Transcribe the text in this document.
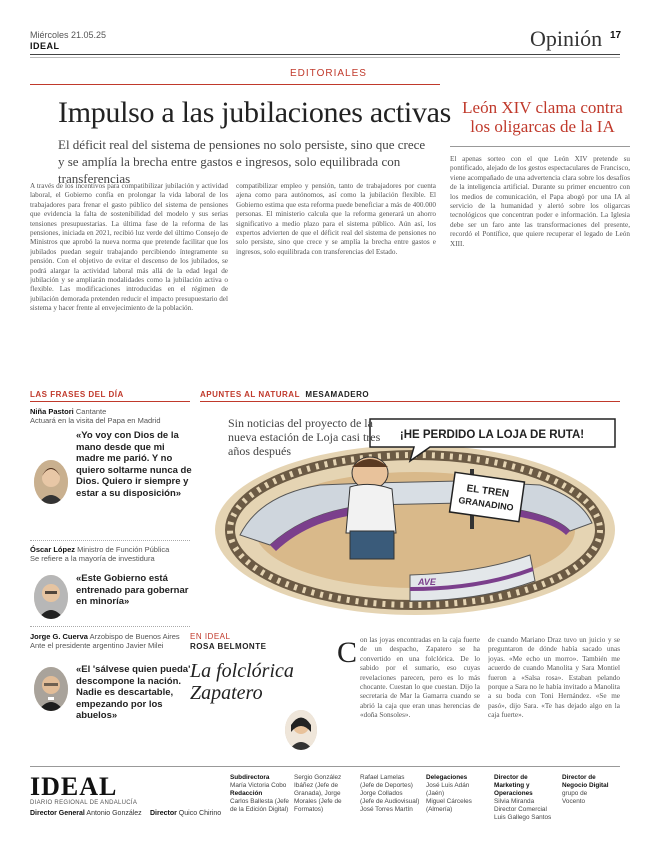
Miércoles 21.05.25
IDEAL	Opinión 17
EDITORIALES
Impulso a las jubilaciones activas
El déficit real del sistema de pensiones no solo persiste, sino que crece y se amplía la brecha entre gastos e ingresos, solo equilibrada con transferencias
A través de los incentivos para compatibilizar jubilación y actividad laboral, el Gobierno confía en prolongar la vida laboral de los trabajadores para frenar el gasto público del sistema de pensiones que evidencia la falta de sostenibilidad del modelo y sus serias tensiones presupuestarias. La última fase de la reforma de las pensiones, iniciada en 2021, recibió luz verde del último Consejo de Ministros que aprobó la nueva norma que pretende facilitar que los jubilados puedan seguir trabajando percibiendo íntegramente su pensión. Con el objetivo de evitar el descenso de los jubilados, se podrá alargar la actividad laboral más allá de la edad legal de jubilación y se ampliarán modalidades como la jubilación activa o flexible. Las modificaciones introducidas en el régimen de jubilación demorada pretenden reducir el impacto presupuestario del sistema y hacer frente al envejecimiento de la población.
compatibilizar empleo y pensión, tanto de trabajadores por cuenta ajena como para autónomos, así como la jubilación flexible. El Gobierno estima que esta reforma puede beneficiar a más de 400.000 personas. El ministerio calcula que la reforma generará un ahorro significativo a medio plazo para el sistema público. Aún así, los expertos advierten de que el déficit real del sistema de pensiones no solo persiste, sino que crece y se amplía la brecha entre gastos e ingresos, solo equilibrada con transferencias del Estado.
León XIV clama contra los oligarcas de la IA
El apenas sorteo con el que León XIV pretende su pontificado, alejado de los gestos espectaculares de Francisco, viene acompañado de una advertencia clara sobre los desafíos de la inteligencia artificial. Durante su primer encuentro con los medios de comunicación, el Papa abogó por una IA al servicio de la humanidad y alertó sobre los oligarcas tecnológicos que concentran poder e información. La Iglesia debe ser un faro ante las transformaciones del presente, recordó el Pontífice, que quiere recuperar el legado de León XIII.
LAS FRASES DEL DÍA
Niña Pastori Cantante
Actuará en la visita del Papa en Madrid
«Yo voy con Dios de la mano desde que mi madre me parió. Y no quiero soltarme nunca de Dios. Quiero ir siempre y estar a su disposición»
Óscar López Ministro de Función Pública
Se refiere a la mayoría de investidura
«Este Gobierno está entrenado para gobernar en minoría»
Jorge G. Cuerva Arzobispo de Buenos Aires
Ante el presidente argentino Javier Milei
«El 'sálvese quien pueda' descompone la nación. Nadie es descartable, empezando por los abuelos»
APUNTES AL NATURAL MESAMADERO
EL TREN
GRANADINO
¡HE PERDIDO LA LOJA DE RUTA!
AVE
Sin noticias del proyecto de la nueva estación de Loja casi tres años después
EN IDEAL
ROSA BELMONTE
La folclórica Zapatero
C on las joyas encontradas en la caja fuerte de un despacho, Zapatero se ha convertido en una folclórica. De lo sabido por el sumario, eso cuyas revelaciones parecen, pero es lo más chocante. Cuestan lo que cuestan. Dijo la secretaria de Mar la Gamarra cuando se abrió la caja que eran unas herencias de «doña Sonsoles».
de cuando Mariano Draz tuvo un juicio y se preguntaron de dónde había sacado unas joyas. «Me echo un morro». También me acuerdo de cuando Manolita y Sara Montiel fueron a «Salsa rosa». Estaban pelando porque a Sara no le había invitado a Manolita a su boda con Toni Hernández. «Se me pasó», dijo Sara. «Te has dejado algo en la caja fuerte».
IDEAL
DIARIO REGIONAL DE ANDALUCÍA
Director General Antonio González Director Quico Chirino
Subdirectora
María Victoria Cobo
Redacción
Carlos Ballesta (Jefe
de la Edición Digital)
Sergio González
Ibáñez (Jefe de
Granada), Jorge
Morales (Jefe de
Formatos)
Rafael Lamelas
(Jefe de Deportes)
Jorge Collados
(Jefe de Audiovisual)
José Torres Martín
Delegaciones
José Luis Adán
(Jaén)
Miguel Cárceles
(Almería)
Director de Marketing y Operaciones
Silvia Miranda
Director Comercial
Luis Gallego Santos
Director de Negocio Digital
grupo de
Vocento
